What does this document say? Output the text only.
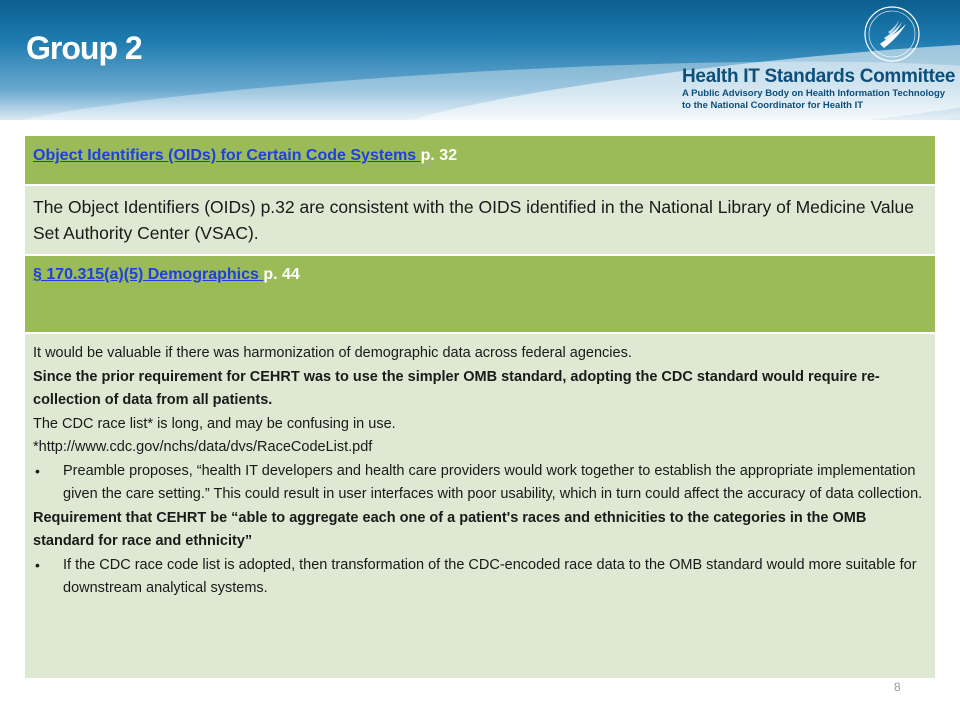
Group 2
Health IT Standards Committee
A Public Advisory Body on Health Information Technology
to the National Coordinator for Health IT
Object Identifiers (OIDs) for Certain Code Systems p. 32

The Object Identifiers (OIDs) p.32 are consistent with the OIDS identified in the National Library of Medicine Value Set Authority Center (VSAC).

§ 170.315(a)(5) Demographics p. 44

It would be valuable if there was harmonization of demographic data across federal agencies.

Since the prior requirement for CEHRT was to use the simpler OMB standard, adopting the CDC standard would require re-collection of data from all patients.

The CDC race list* is long, and may be confusing in use.

*http://www.cdc.gov/nchs/data/dvs/RaceCodeList.pdf

• Preamble proposes, “health IT developers and health care providers would work together to establish the appropriate implementation given the care setting.” This could result in user interfaces with poor usability, which in turn could affect the accuracy of data collection.

Requirement that CEHRT be “able to aggregate each one of a patient's races and ethnicities to the categories in the OMB standard for race and ethnicity”

• If the CDC race code list is adopted, then transformation of the CDC-encoded race data to the OMB standard would more suitable for downstream analytical systems.
8
